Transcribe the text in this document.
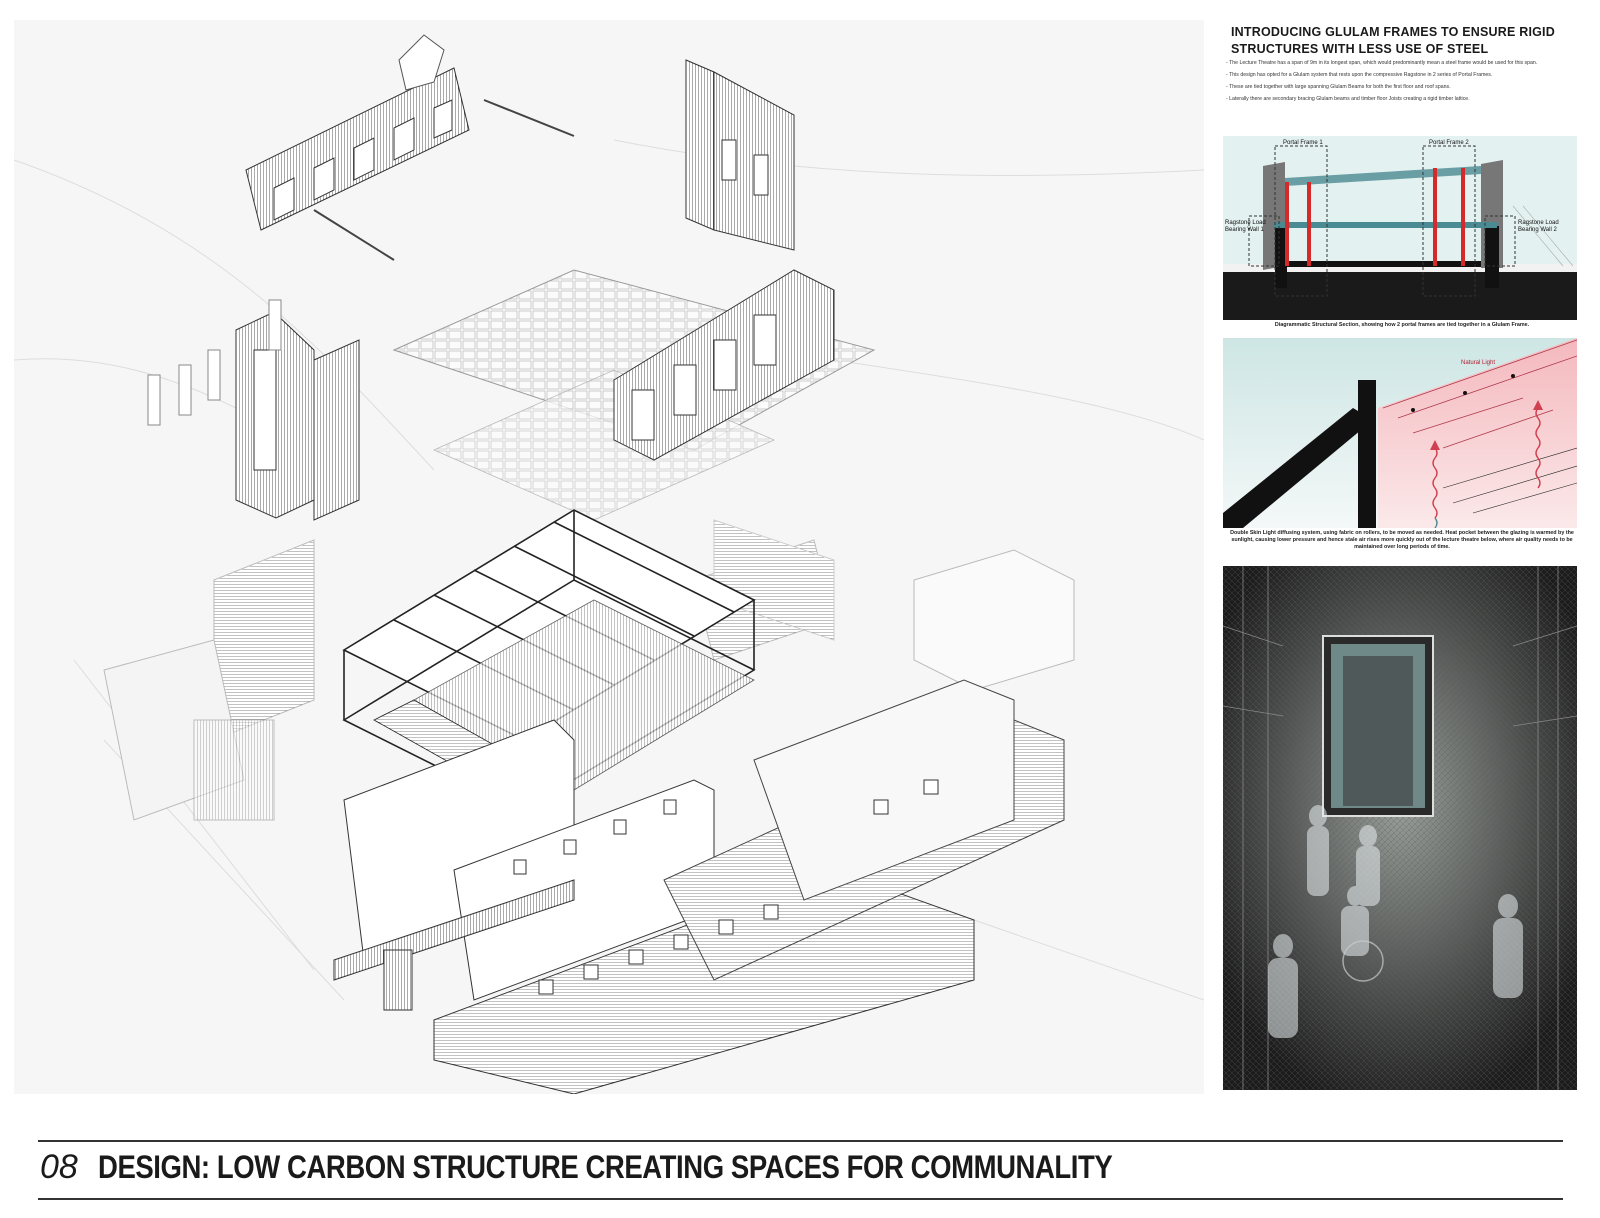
INTRODUCING GLULAM FRAMES TO ENSURE RIGID
STRUCTURES WITH LESS USE OF STEEL
- The Lecture Theatre has a span of 9m in its longest span, which would predominantly mean a steel frame would be used for this span.
- This design has opted for a Glulam system that rests upon the compressive Ragstone in 2 series of Portal Frames.
- These are tied together with large spanning Glulam Beams for both the first floor and roof spans.
- Laterally there are secondary bracing Glulam beams and timber floor Joists creating a rigid timber lattice.
Portal Frame 1	Portal Frame 2
Ragstone Load
Bearing Wall 1
Ragstone Load
Bearing Wall 2
Diagrammatic Structural Section, showing how 2 portal frames are tied together in a Glulam Frame.
Natural Light
Double Skin Light diffusing system, using fabric on rollers, to be moved as needed. Heat pocket between the glazing is warmed by the sunlight, causing lower pressure and hence stale air rises more quickly out of the lecture theatre below, where air quality needs to be maintained over long periods of time.
08 DESIGN: LOW CARBON STRUCTURE CREATING SPACES FOR COMMUNALITY
